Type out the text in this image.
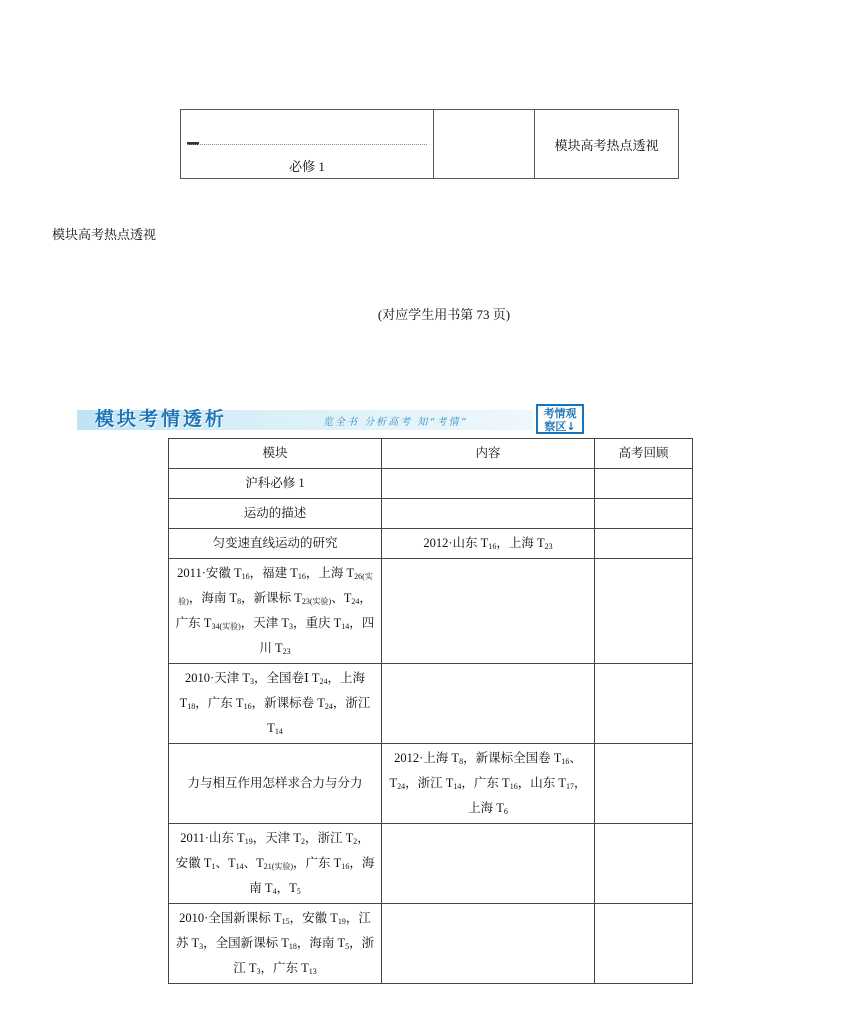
必修 1
模块高考热点透视
模块高考热点透视
(对应学生用书第 73 页)
模块考情透析	览全书 分析高考 知“考情”
考情观
察区↓
模块	内容	高考回顾
沪科必修 1		
运动的描述		
匀变速直线运动的研究	2012·山东 $T_{16}$，上海 $T_{23}$	
2011·安徽 $T_{16}$，福建 $T_{16}$，上海 $T_{26(实验)}$，海南 $T_8$，新课标 $T_{23(实验)}$、$T_{24}$，广东 $T_{34(实验)}$，天津 $T_3$，重庆 $T_{14}$，四川 $T_{23}$		
2010·天津 $T_3$，全国卷Ⅰ $T_{24}$，上海 $T_{18}$，广东 $T_{16}$，新课标卷 $T_{24}$，浙江 $T_{14}$		
力与相互作用怎样求合力与分力	2012·上海 $T_8$，新课标全国卷 $T_{16}$、$T_{24}$，浙江 $T_{14}$，广东 $T_{16}$，山东 $T_{17}$，上海 $T_6$	
2011·山东 $T_{19}$，天津 $T_2$，浙江 $T_2$，安徽 $T_1$、$T_{14}$、$T_{21(实验)}$，广东 $T_{16}$，海南 $T_4$，$T_5$		
2010·全国新课标 $T_{15}$，安徽 $T_{19}$，江苏 $T_3$，全国新课标 $T_{18}$，海南 $T_5$，浙江 $T_3$，广东 $T_{13}$		
